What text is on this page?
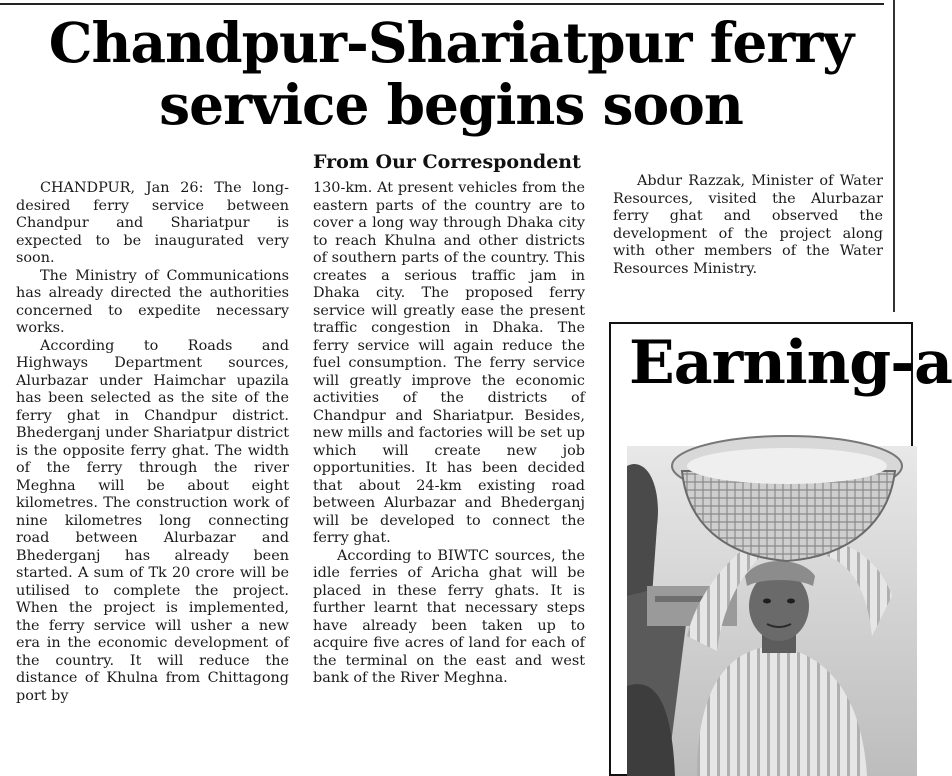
Chandpur-Shariatpur ferry
service begins soon
From Our Correspondent

CHANDPUR, Jan 26: The long-desired ferry service between Chandpur and Shariatpur is expected to be inaugurated very soon.

The Ministry of Communications has already directed the authorities concerned to expedite necessary works.

According to Roads and Highways Department sources, Alurbazar under Haimchar upazila has been selected as the site of the ferry ghat in Chandpur district. Bhederganj under Shariatpur district is the opposite ferry ghat. The width of the ferry through the river Meghna will be about eight kilometres. The construction work of nine kilometres long connecting road between Alurbazar and Bhederganj has already been started. A sum of Tk 20 crore will be utilised to complete the project. When the project is implemented, the ferry service will usher a new era in the economic development of the country. It will reduce the distance of Khulna from Chittagong port by

130-km. At present vehicles from the eastern parts of the country are to cover a long way through Dhaka city to reach Khulna and other districts of southern parts of the country. This creates a serious traffic jam in Dhaka city. The proposed ferry service will greatly ease the present traffic congestion in Dhaka. The ferry service will again reduce the fuel consumption. The ferry service will greatly improve the economic activities of the districts of Chandpur and Shariatpur. Besides, new mills and factories will be set up which will create new job opportunities. It has been decided that about 24-km existing road between Alurbazar and Bhederganj will be developed to connect the ferry ghat.

According to BIWTC sources, the idle ferries of Aricha ghat will be placed in these ferry ghats. It is further learnt that necessary steps have already been taken up to acquire five acres of land for each of the terminal on the east and west bank of the River Meghna.

Abdur Razzak, Minister of Water Resources, visited the Alurbazar ferry ghat and observed the development of the project along with other members of the Water Resources Ministry.

Earning-a
